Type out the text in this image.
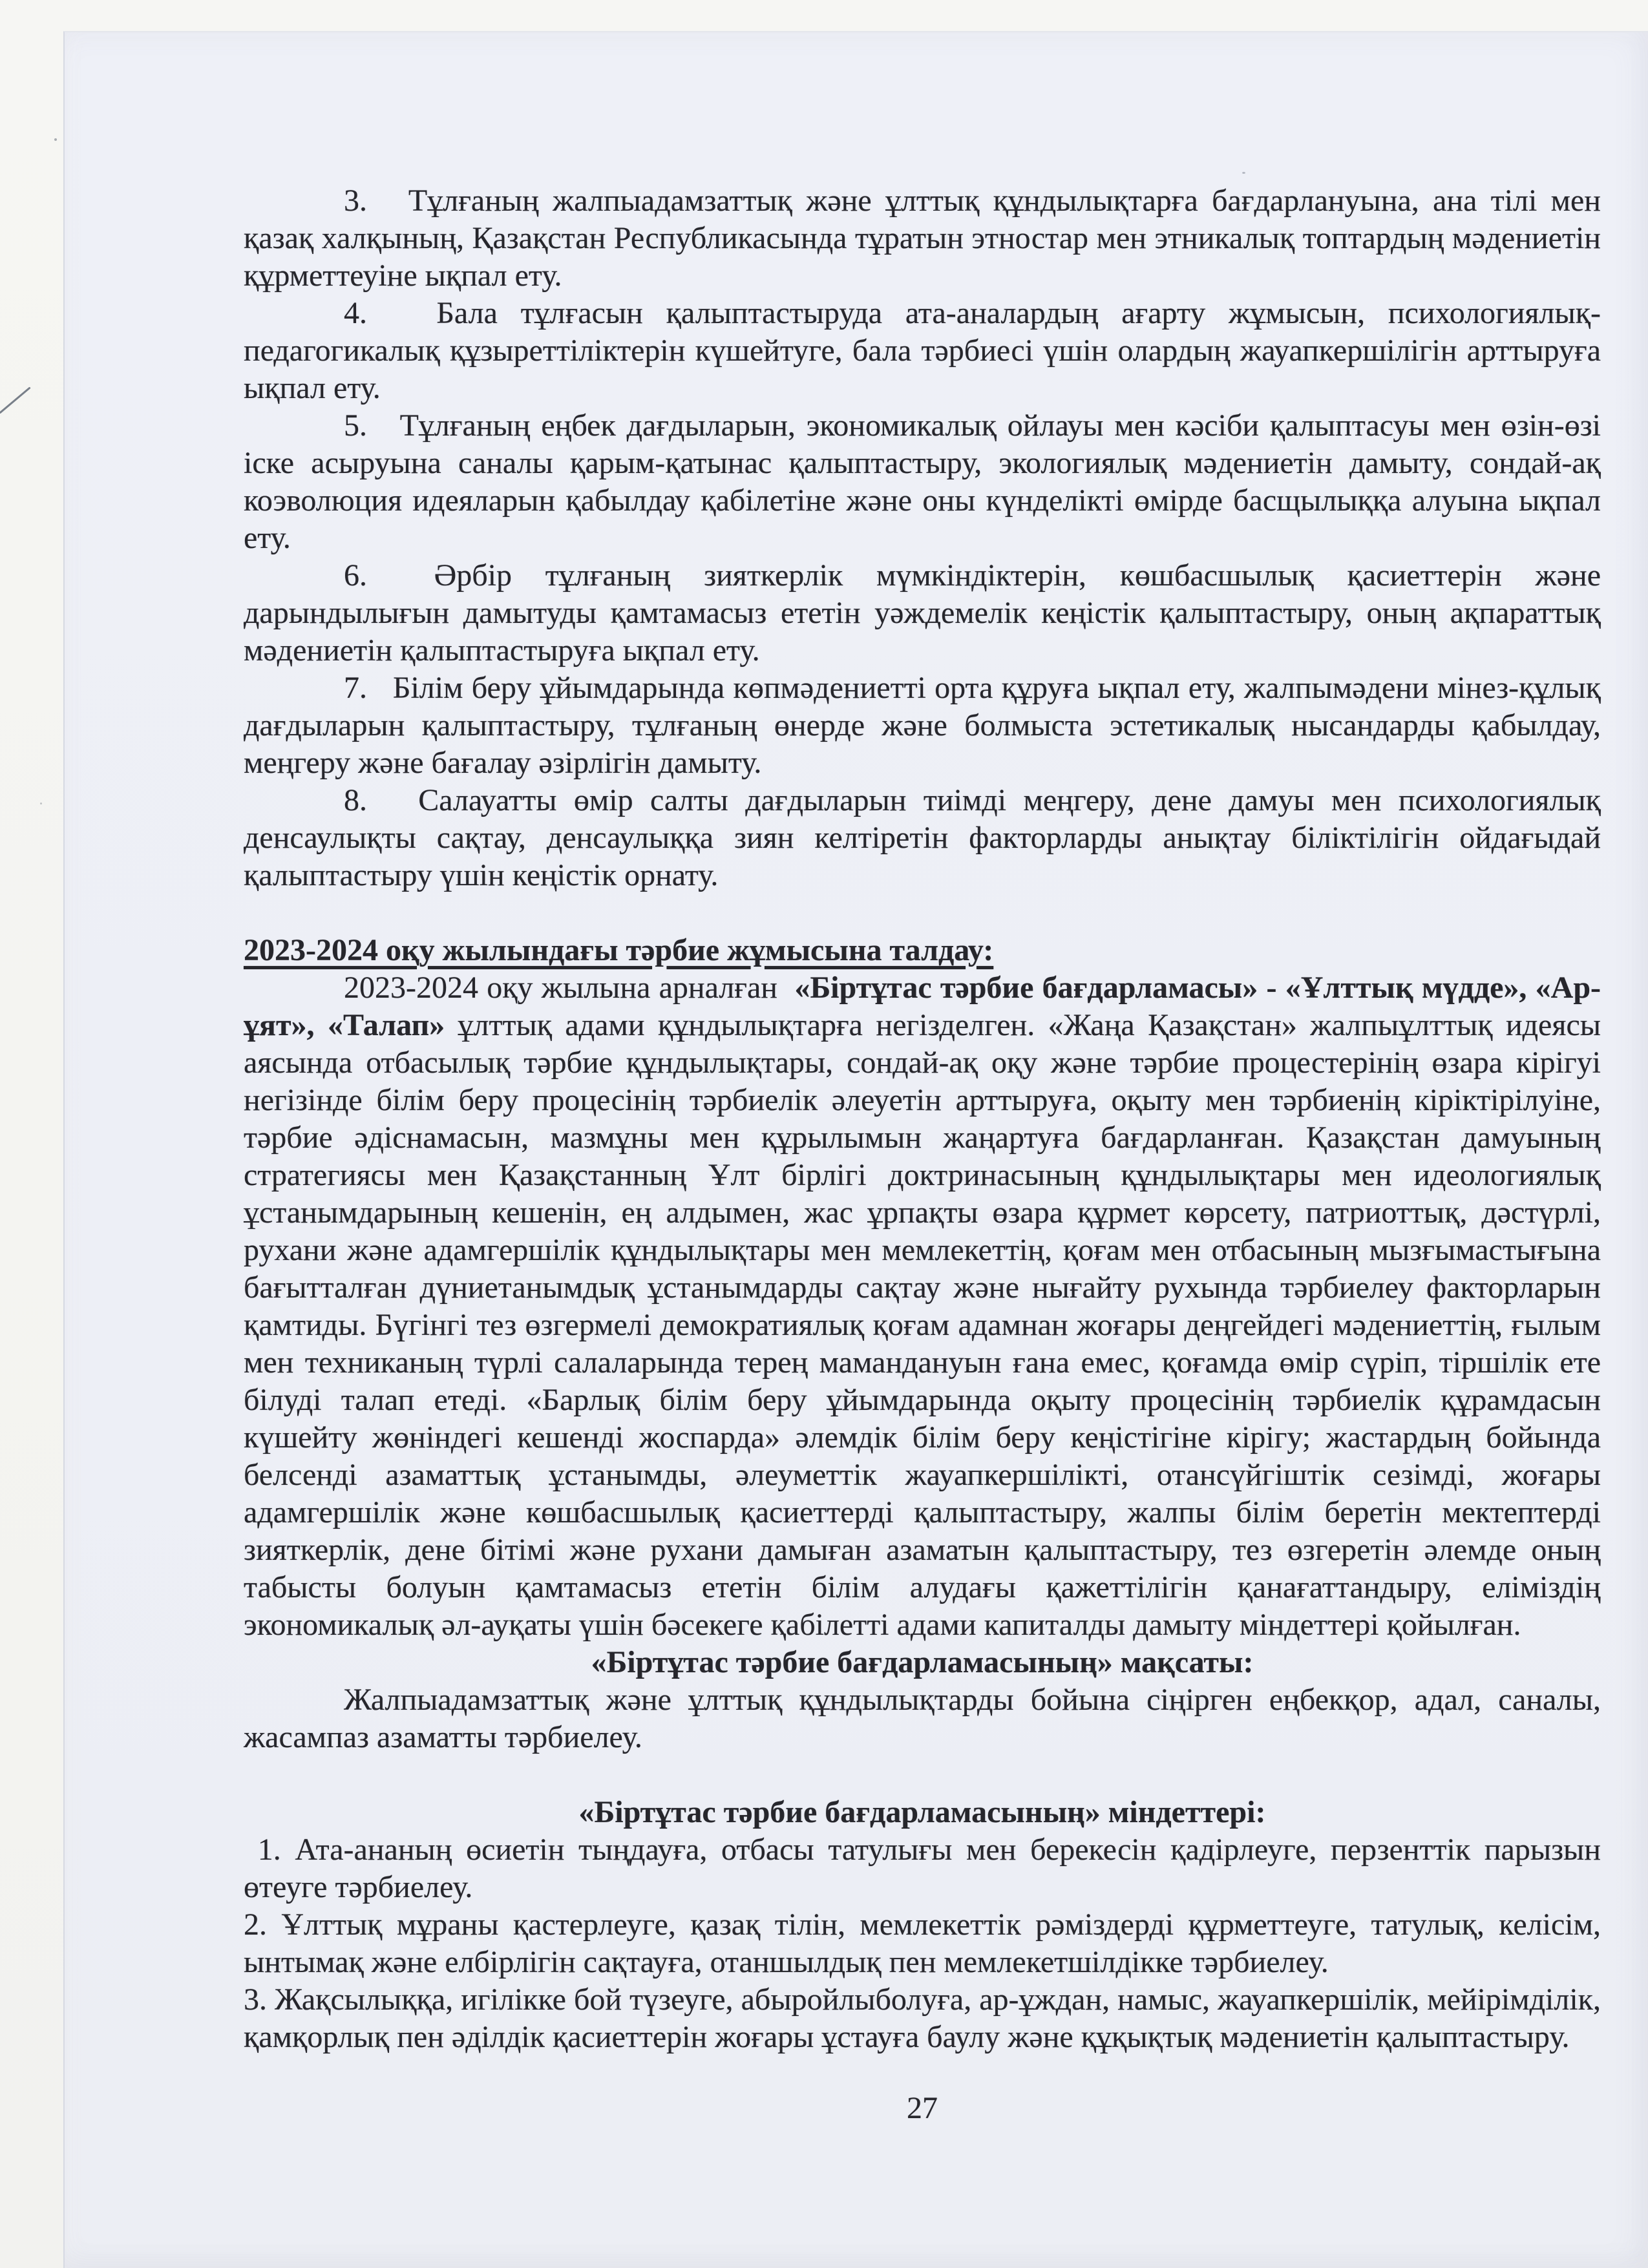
3.   Тұлғаның жалпыадамзаттық және ұлттық құндылықтарға бағдарлануына, ана тілі мен қазақ халқының, Қазақстан Республикасында тұратын этностар мен этникалық топтардың мәдениетін құрметтеуіне ықпал ету.

4.   Бала тұлғасын қалыптастыруда ата-аналардың ағарту жұмысын, психологиялық-педагогикалық құзыреттіліктерін күшейтуге, бала тәрбиесі үшін олардың жауапкершілігін арттыруға ықпал ету.

5.   Тұлғаның еңбек дағдыларын, экономикалық ойлауы мен кәсіби қалыптасуы мен өзін-өзі іске асыруына саналы қарым-қатынас қалыптастыру, экологиялық мәдениетін дамыту, сондай-ақ коэволюция идеяларын қабылдау қабілетіне және оны күнделікті өмірде басщылыққа алуына ықпал ету.

6.  Әрбір тұлғаның зияткерлік мүмкіндіктерін, көшбасшылық қасиеттерін және дарындылығын дамытуды қамтамасыз ететін уәждемелік кеңістік қалыптастыру, оның ақпараттық мәдениетін қалыптастыруға ықпал ету.

7.   Білім беру ұйымдарында көпмәдениетті орта құруға ықпал ету, жалпымәдени мінез-құлық дағдыларын қалыптастыру, тұлғаның өнерде және болмыста эстетикалық нысандарды қабылдау, меңгеру және бағалау әзірлігін дамыту.

8.   Салауатты өмір салты дағдыларын тиімді меңгеру, дене дамуы мен психологиялық денсаулықты сақтау, денсаулыққа зиян келтіретін факторларды анықтау біліктілігін ойдағыдай қалыптастыру үшін кеңістік орнату.

2023-2024 оқу жылындағы тәрбие жұмысына талдау:

2023-2024 оқу жылына арналған  «Біртұтас тәрбие бағдарламасы» - «Ұлттық мүдде», «Ар-ұят», «Талап» ұлттық адами құндылықтарға негізделген. «Жаңа Қазақстан» жалпыұлттық идеясы аясында отбасылық тәрбие құндылықтары, сондай-ақ оқу және тәрбие процестерінің өзара кірігуі негізінде білім беру процесінің тәрбиелік әлеуетін арттыруға, оқыту мен тәрбиенің кіріктірілуіне, тәрбие әдіснамасын, мазмұны мен құрылымын жаңартуға бағдарланған. Қазақстан дамуының стратегиясы мен Қазақстанның Ұлт бірлігі доктринасының құндылықтары мен идеологиялық ұстанымдарының кешенін, ең алдымен, жас ұрпақты өзара құрмет көрсету, патриоттық, дәстүрлі, рухани және адамгершілік құндылықтары мен мемлекеттің, қоғам мен отбасының мызғымастығына бағытталған дүниетанымдық ұстанымдарды сақтау және нығайту рухында тәрбиелеу факторларын қамтиды. Бүгінгі тез өзгермелі демократиялық қоғам адамнан жоғары деңгейдегі мәдениеттің, ғылым мен техниканың түрлі салаларында терең мамандануын ғана емес, қоғамда өмір сүріп, тіршілік ете білуді талап етеді. «Барлық білім беру ұйымдарында оқыту процесінің тәрбиелік құрамдасын күшейту жөніндегі кешенді жоспарда» әлемдік білім беру кеңістігіне кірігу; жастардың бойында белсенді азаматтық ұстанымды, әлеуметтік жауапкершілікті, отансүйгіштік сезімді, жоғары адамгершілік және көшбасшылық қасиеттерді қалыптастыру, жалпы білім беретін мектептерді зияткерлік, дене бітімі және рухани дамыған азаматын қалыптастыру, тез өзгеретін әлемде оның табысты болуын қамтамасыз ететін білім алудағы қажеттілігін қанағаттандыру, еліміздің экономикалық әл-ауқаты үшін бәсекеге қабілетті адами капиталды дамыту міндеттері қойылған.

«Біртұтас тәрбие бағдарламасының» мақсаты:

Жалпыадамзаттық және ұлттық құндылықтарды бойына сіңірген еңбекқор, адал, саналы, жасампаз азаматты тәрбиелеу.

«Біртұтас тәрбие бағдарламасының» міндеттері:

1. Ата-ананың өсиетін тыңдауға, отбасы татулығы мен берекесін қадірлеуге, перзенттік парызын өтеуге тәрбиелеу.

2. Ұлттық мұраны қастерлеуге, қазақ тілін, мемлекеттік рәміздерді құрметтеуге, татулық, келісім, ынтымақ және елбірлігін сақтауға, отаншылдық пен мемлекетшілдікке тәрбиелеу.

3. Жақсылыққа, игілікке бой түзеуге, абыройлыболуға, ар-ұждан, намыс, жауапкершілік, мейірімділік, қамқорлық пен әділдік қасиеттерін жоғары ұстауға баулу және құқықтық мәдениетін қалыптастыру.

27
